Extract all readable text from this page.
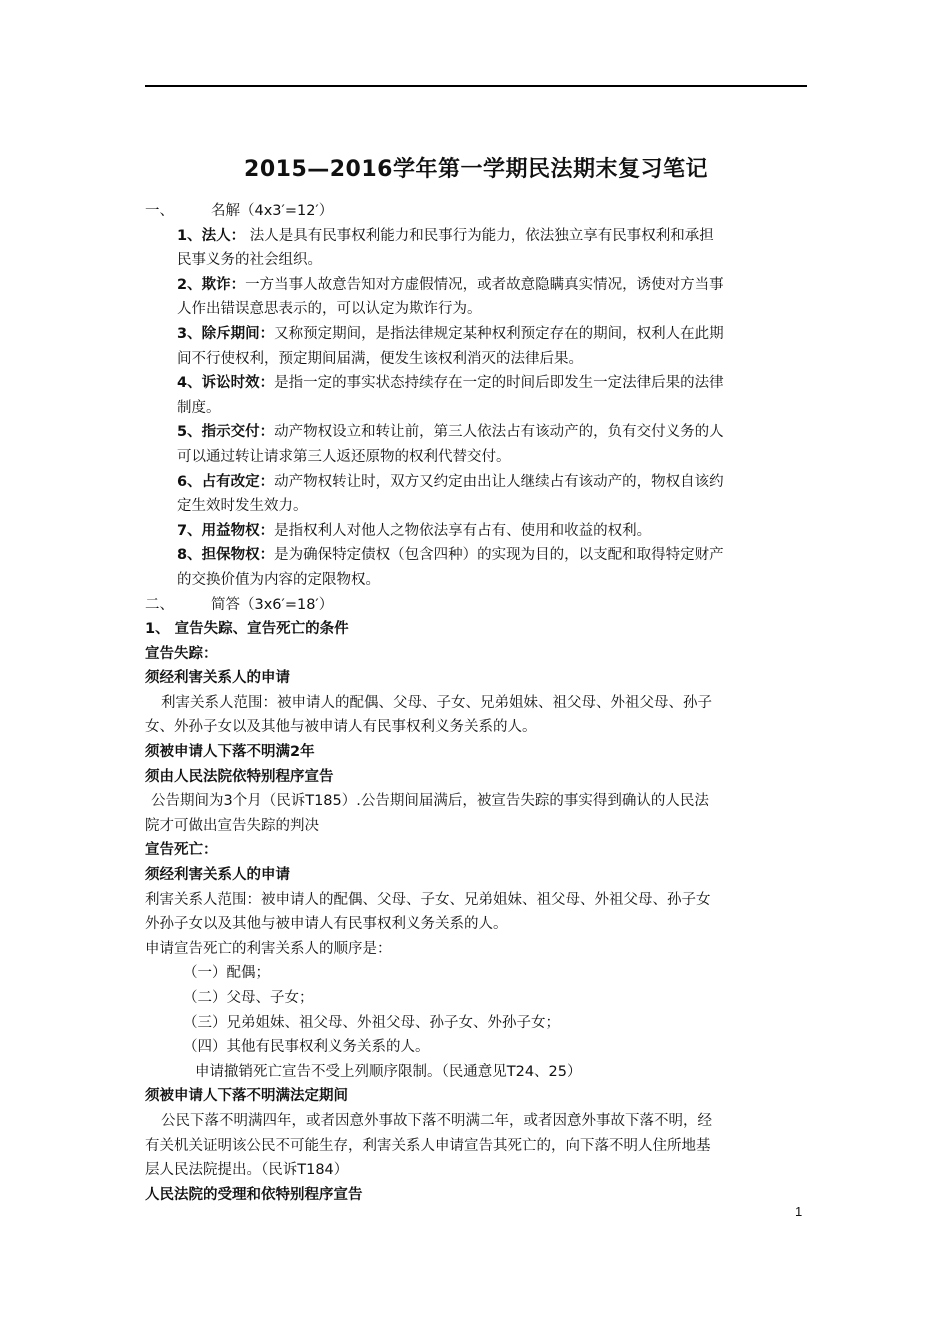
2015—2016学年第一学期民法期末复习笔记
一、	名解（4x3′=12′）
1、法人： 法人是具有民事权利能力和民事行为能力，依法独立享有民事权利和承担
民事义务的社会组织。
2、欺诈：一方当事人故意告知对方虚假情况，或者故意隐瞒真实情况，诱使对方当事
人作出错误意思表示的，可以认定为欺诈行为。
3、除斥期间：又称预定期间，是指法律规定某种权利预定存在的期间，权利人在此期
间不行使权利，预定期间届满，便发生该权利消灭的法律后果。
4、诉讼时效：是指一定的事实状态持续存在一定的时间后即发生一定法律后果的法律
制度。
5、指示交付：动产物权设立和转让前，第三人依法占有该动产的，负有交付义务的人
可以通过转让请求第三人返还原物的权利代替交付。
6、占有改定：动产物权转让时，双方又约定由出让人继续占有该动产的，物权自该约
定生效时发生效力。
7、用益物权：是指权利人对他人之物依法享有占有、使用和收益的权利。
8、担保物权：是为确保特定债权（包含四种）的实现为目的，以支配和取得特定财产
的交换价值为内容的定限物权。
二、	简答（3x6′=18′）
1、 宣告失踪、宣告死亡的条件
宣告失踪：
须经利害关系人的申请
利害关系人范围：被申请人的配偶、父母、子女、兄弟姐妹、祖父母、外祖父母、孙子
女、外孙子女以及其他与被申请人有民事权利义务关系的人。
须被申请人下落不明满2年
须由人民法院依特别程序宣告
公告期间为3个月（民诉T185）.公告期间届满后，被宣告失踪的事实得到确认的人民法
院才可做出宣告失踪的判决
宣告死亡：
须经利害关系人的申请
利害关系人范围：被申请人的配偶、父母、子女、兄弟姐妹、祖父母、外祖父母、孙子女
外孙子女以及其他与被申请人有民事权利义务关系的人。
申请宣告死亡的利害关系人的顺序是：
（一）配偶；
（二）父母、子女；
（三）兄弟姐妹、祖父母、外祖父母、孙子女、外孙子女；
（四）其他有民事权利义务关系的人。
申请撤销死亡宣告不受上列顺序限制。（民通意见T24、25）
须被申请人下落不明满法定期间
公民下落不明满四年，或者因意外事故下落不明满二年，或者因意外事故下落不明，经
有关机关证明该公民不可能生存，利害关系人申请宣告其死亡的，向下落不明人住所地基
层人民法院提出。（民诉T184）
人民法院的受理和依特别程序宣告
1
